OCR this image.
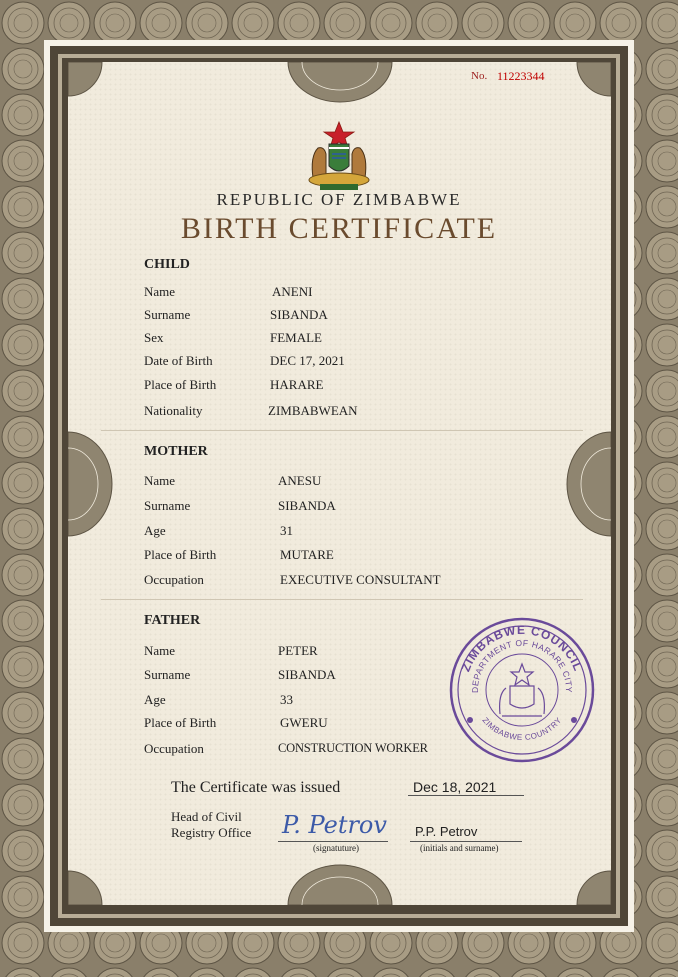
No. 11223344
REPUBLIC OF ZIMBABWE
BIRTH CERTIFICATE
CHILD
Name	ANENI
Surname	SIBANDA
Sex	FEMALE
Date of Birth	DEC 17, 2021
Place of Birth	HARARE
Nationality	ZIMBABWEAN
MOTHER
Name	ANESU
Surname	SIBANDA
Age	31
Place of Birth	MUTARE
Occupation	EXECUTIVE CONSULTANT
FATHER
Name	PETER
Surname	SIBANDA
Age	33
Place of Birth	GWERU
Occupation	CONSTRUCTION WORKER
ZIMBABWE COUNCIL
DEPARTMENT OF HARARE CITY
ZIMBABWE COUNTRY
The Certificate was issued	Dec 18, 2021
Head of Civil
Registry Office P. Petrov
(signatuture)
P.P. Petrov
(initials and surname)
